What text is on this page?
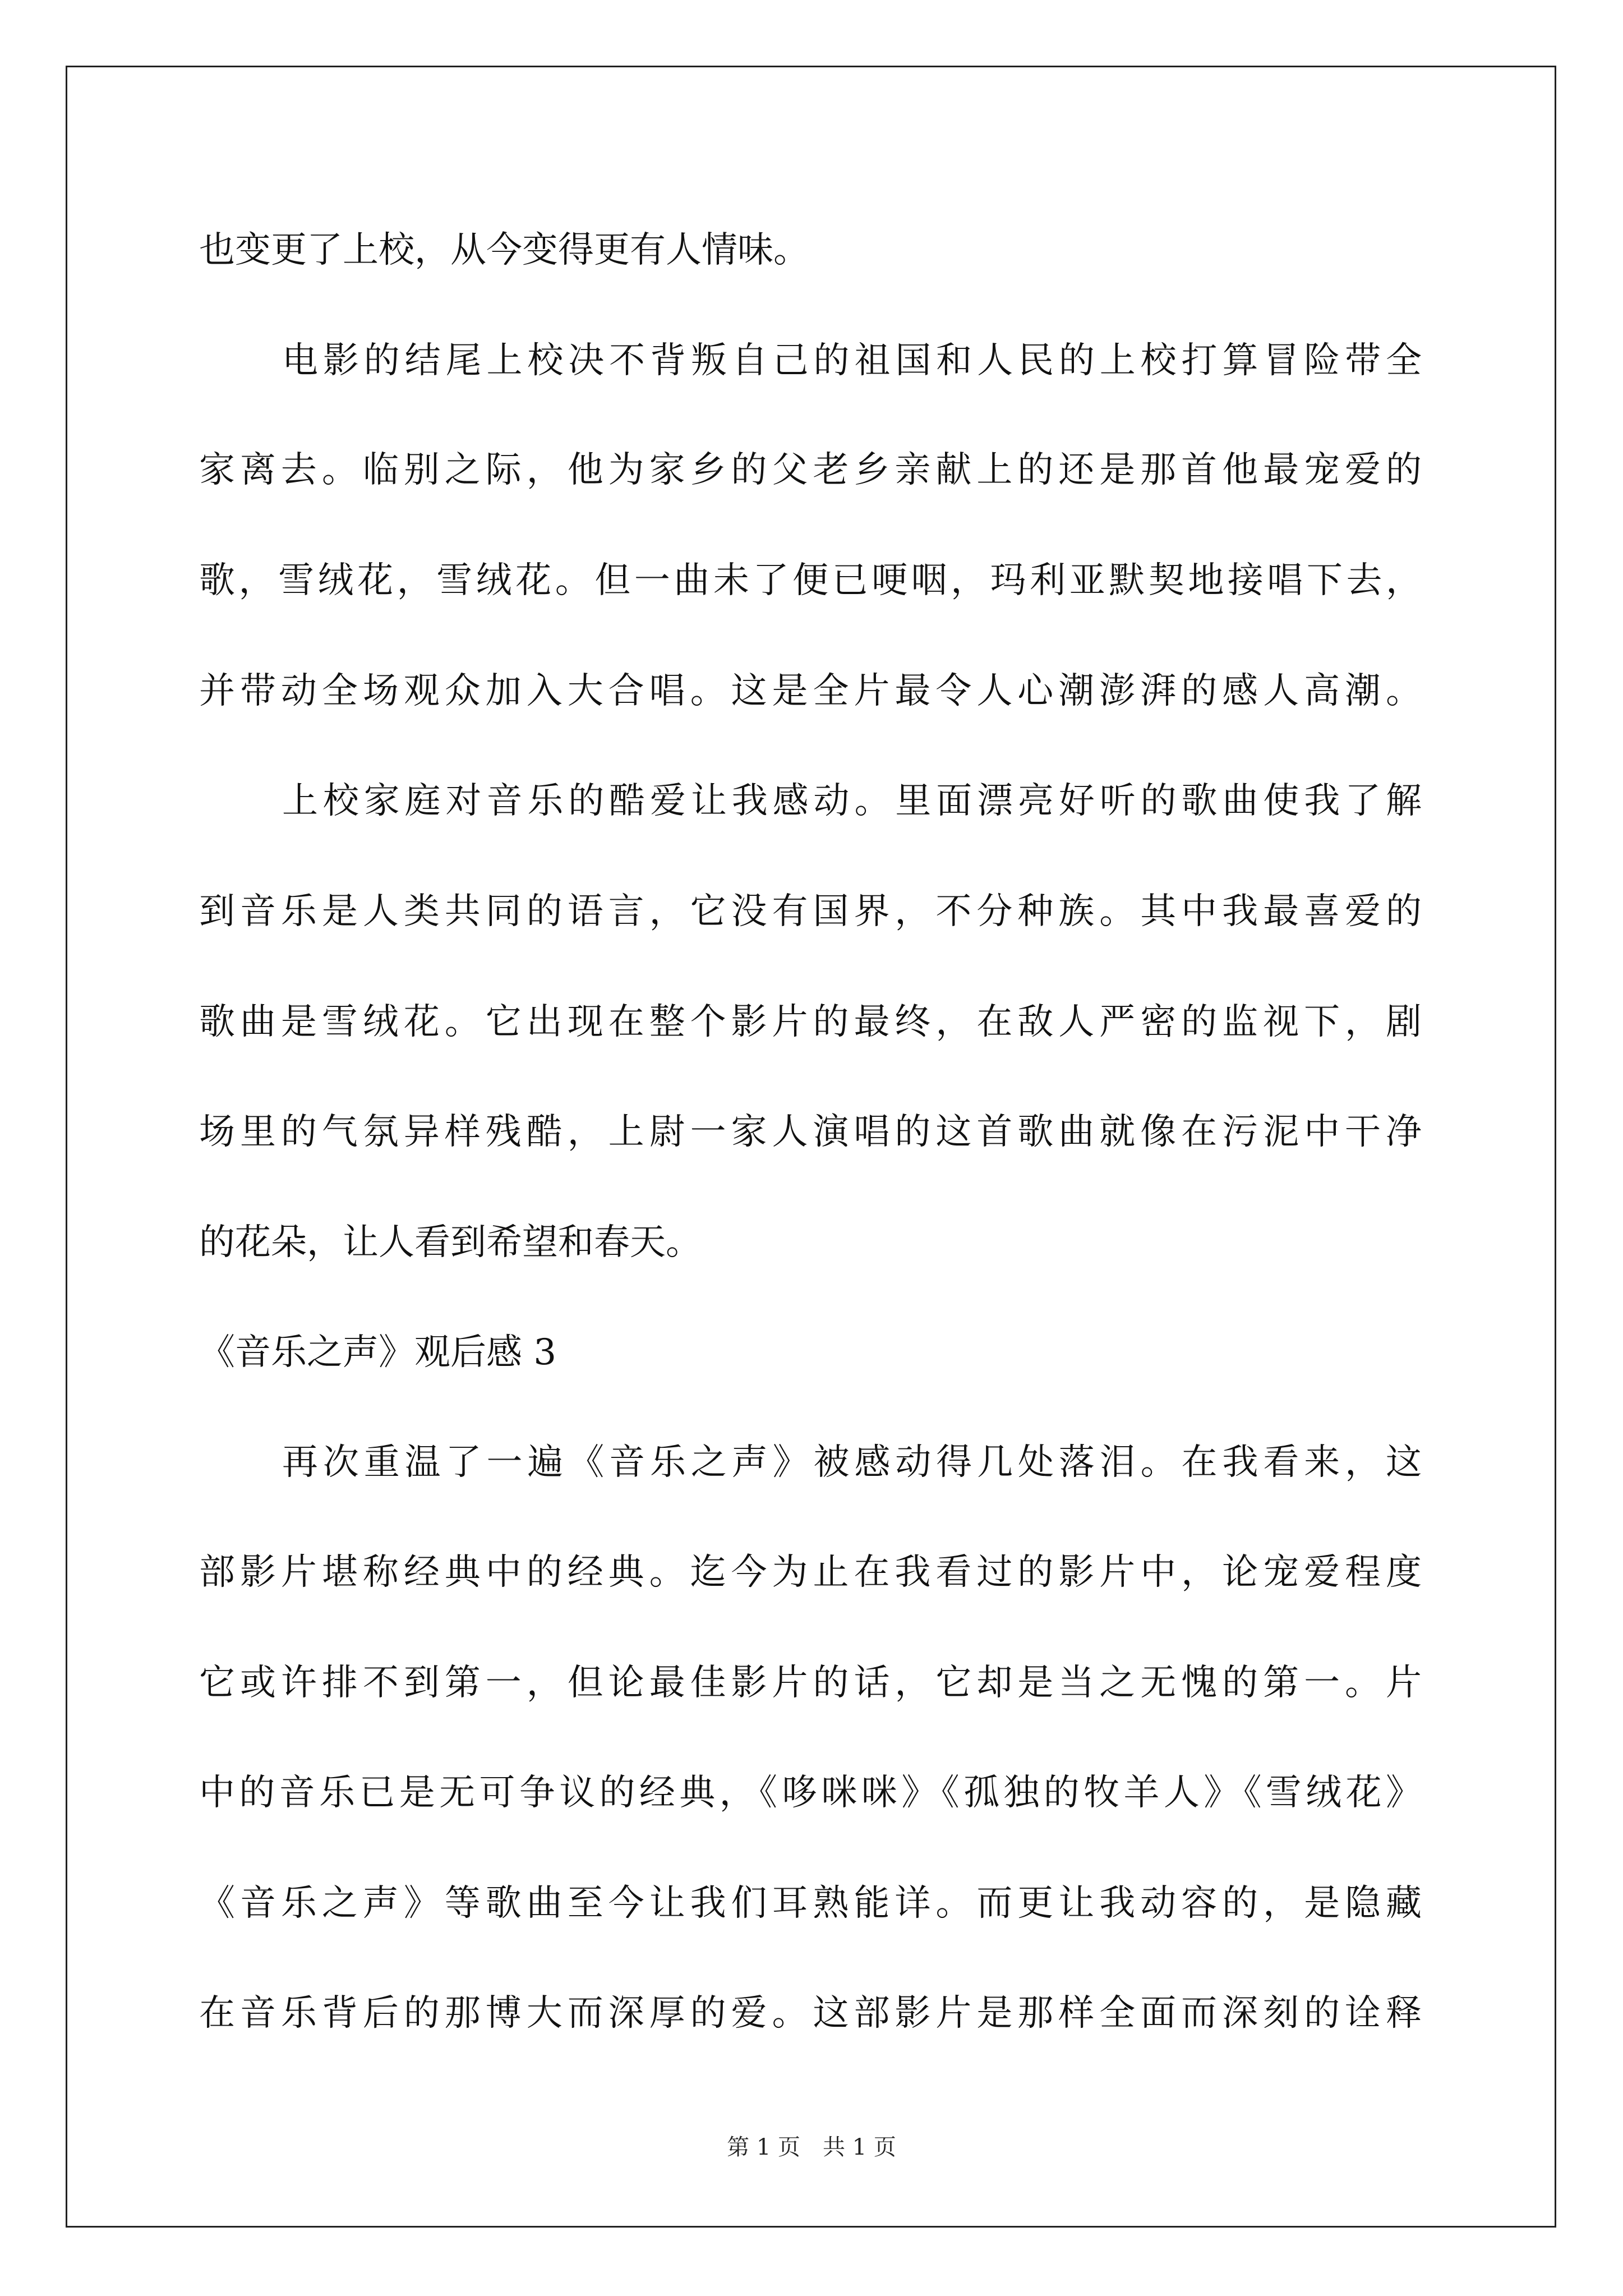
也变更了上校，从今变得更有人情味。
电影的结尾上校决不背叛自己的祖国和人民的上校打算冒险带全
家离去。临别之际，他为家乡的父老乡亲献上的还是那首他最宠爱的
歌，雪绒花，雪绒花。但一曲未了便已哽咽，玛利亚默契地接唱下去，
并带动全场观众加入大合唱。这是全片最令人心潮澎湃的感人高潮。
上校家庭对音乐的酷爱让我感动。里面漂亮好听的歌曲使我了解
到音乐是人类共同的语言，它没有国界，不分种族。其中我最喜爱的
歌曲是雪绒花。它出现在整个影片的最终，在敌人严密的监视下，剧
场里的气氛异样残酷，上尉一家人演唱的这首歌曲就像在污泥中干净
的花朵，让人看到希望和春天。
《音乐之声》观后感 3
再次重温了一遍《音乐之声》被感动得几处落泪。在我看来，这
部影片堪称经典中的经典。迄今为止在我看过的影片中，论宠爱程度
它或许排不到第一，但论最佳影片的话，它却是当之无愧的第一。片
中的音乐已是无可争议的经典，《哆咪咪》《孤独的牧羊人》《雪绒花》
《音乐之声》等歌曲至今让我们耳熟能详。而更让我动容的，是隐藏
在音乐背后的那博大而深厚的爱。这部影片是那样全面而深刻的诠释
第 1 页　共 1 页
